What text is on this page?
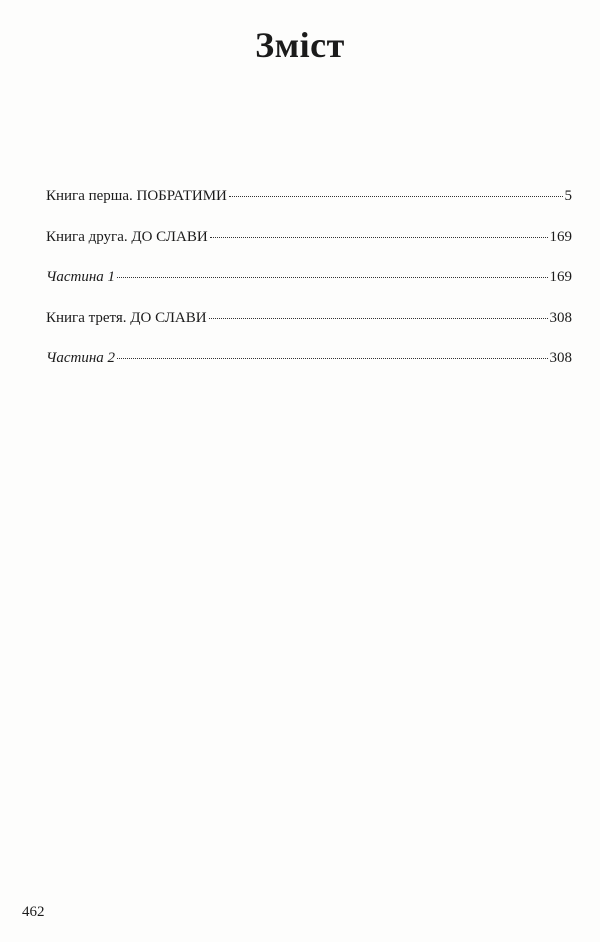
Зміст
Книга перша. ПОБРАТИМИ	5
Книга друга. ДО СЛАВИ	169
Частина 1	169
Книга третя. ДО СЛАВИ	308
Частина 2	308
462
